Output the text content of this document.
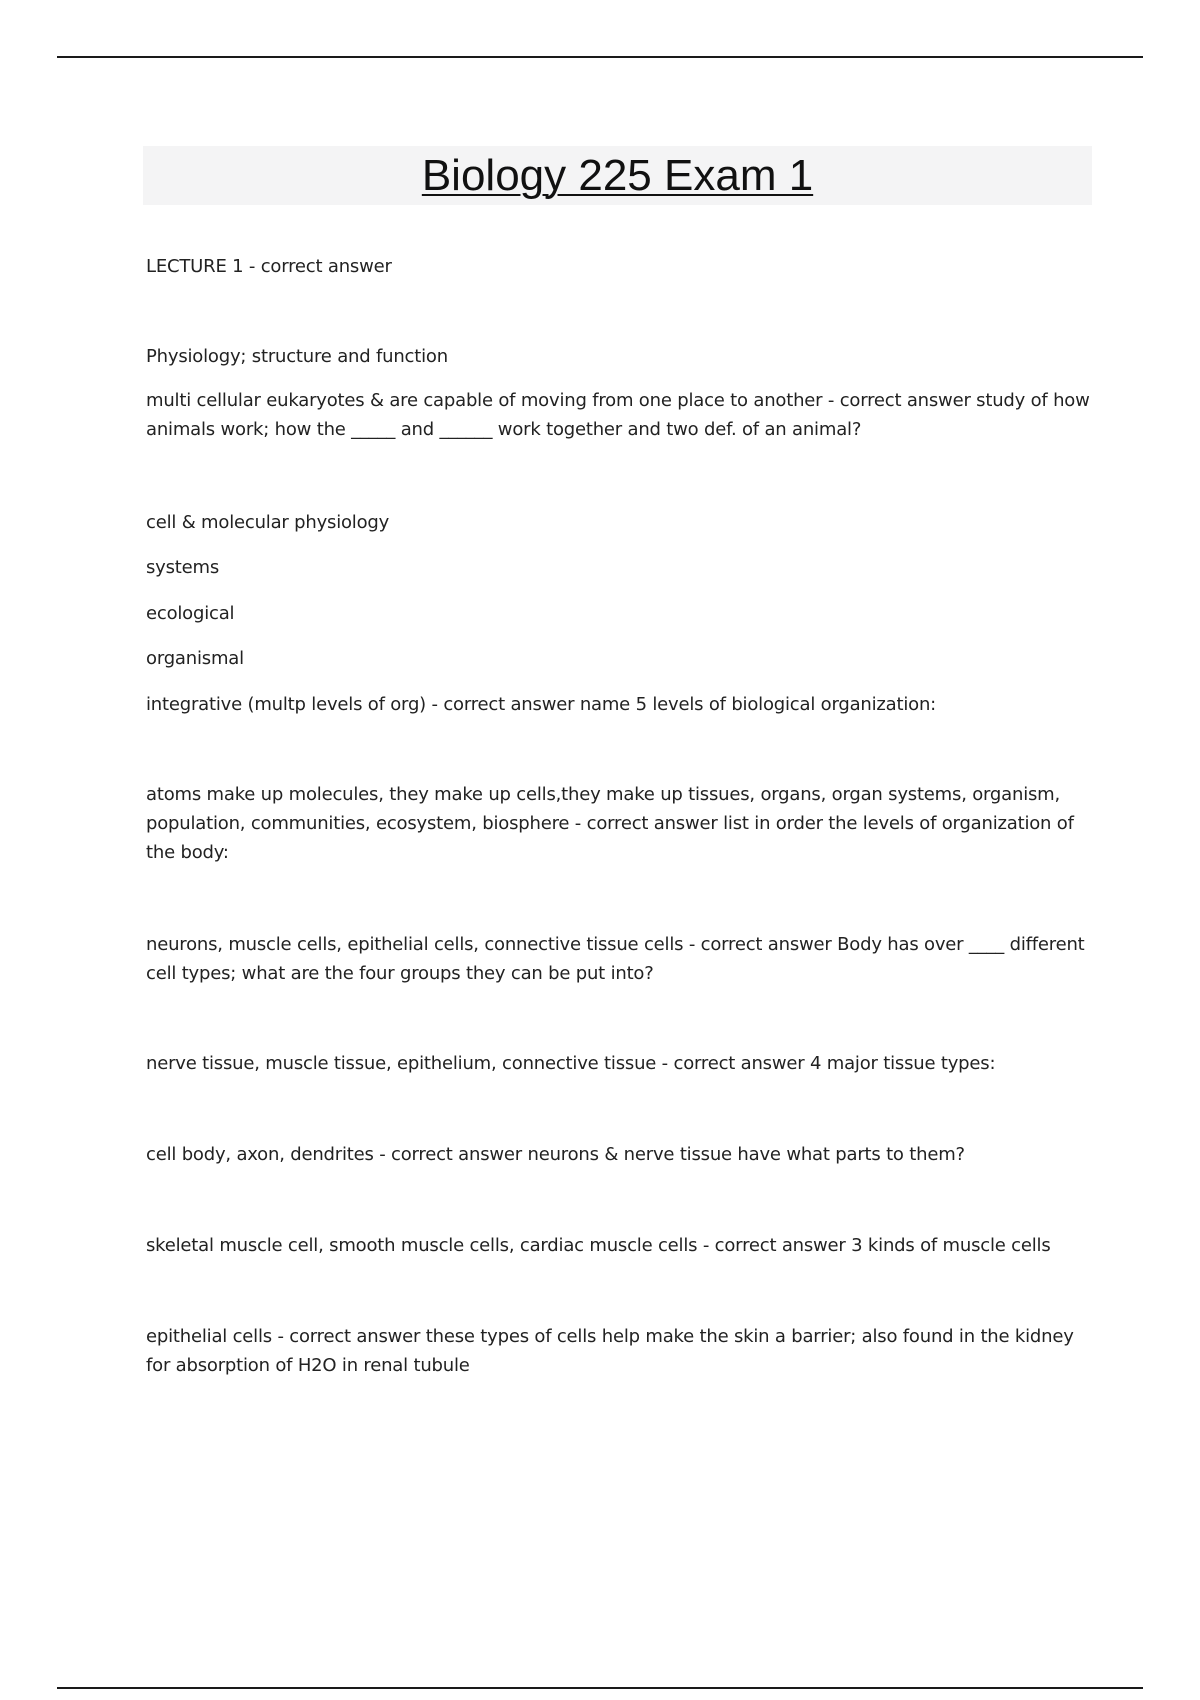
Biology 225 Exam 1

LECTURE 1 - correct answer

Physiology; structure and function

multi cellular eukaryotes & are capable of moving from one place to another - correct answer study of how animals work; how the _____ and ______ work together and two def. of an animal?

cell & molecular physiology

systems

ecological

organismal

integrative (multp levels of org) - correct answer name 5 levels of biological organization:

atoms make up molecules, they make up cells,they make up tissues, organs, organ systems, organism, population, communities, ecosystem, biosphere - correct answer list in order the levels of organization of the body:

neurons, muscle cells, epithelial cells, connective tissue cells - correct answer Body has over ____ different cell types; what are the four groups they can be put into?

nerve tissue, muscle tissue, epithelium, connective tissue - correct answer 4 major tissue types:

cell body, axon, dendrites - correct answer neurons & nerve tissue have what parts to them?

skeletal muscle cell, smooth muscle cells, cardiac muscle cells - correct answer 3 kinds of muscle cells

epithelial cells - correct answer these types of cells help make the skin a barrier; also found in the kidney for absorption of H2O in renal tubule
